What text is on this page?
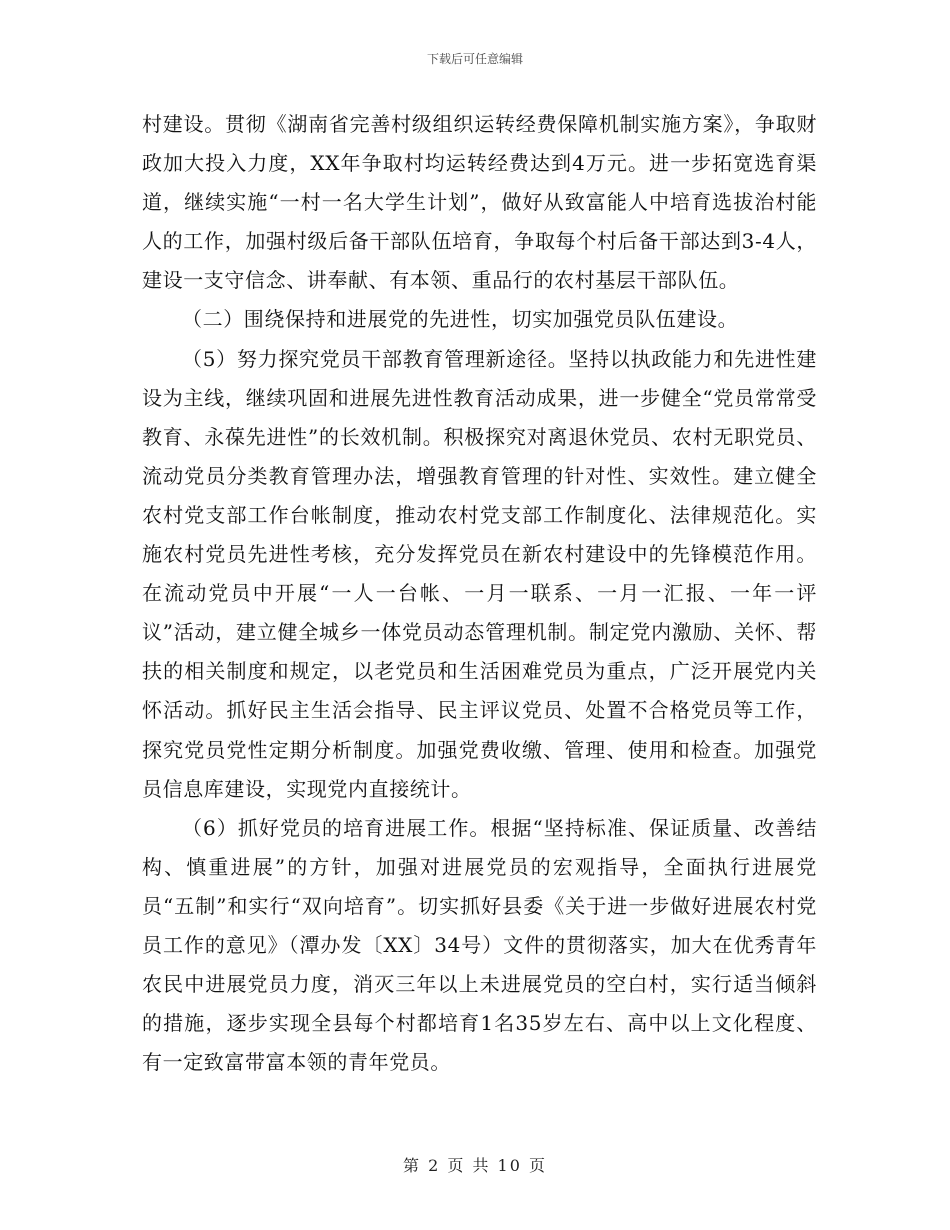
下载后可任意编辑

村建设。贯彻《湖南省完善村级组织运转经费保障机制实施方案》，争取财政加大投入力度，XX年争取村均运转经费达到4万元。进一步拓宽选育渠道，继续实施“一村一名大学生计划”，做好从致富能人中培育选拔治村能人的工作，加强村级后备干部队伍培育，争取每个村后备干部达到3-4人，建设一支守信念、讲奉献、有本领、重品行的农村基层干部队伍。

（二）围绕保持和进展党的先进性，切实加强党员队伍建设。

（5）努力探究党员干部教育管理新途径。坚持以执政能力和先进性建设为主线，继续巩固和进展先进性教育活动成果，进一步健全“党员常常受教育、永葆先进性”的长效机制。积极探究对离退休党员、农村无职党员、流动党员分类教育管理办法，增强教育管理的针对性、实效性。建立健全农村党支部工作台帐制度，推动农村党支部工作制度化、法律规范化。实施农村党员先进性考核，充分发挥党员在新农村建设中的先锋模范作用。在流动党员中开展“一人一台帐、一月一联系、一月一汇报、一年一评议”活动，建立健全城乡一体党员动态管理机制。制定党内激励、关怀、帮扶的相关制度和规定，以老党员和生活困难党员为重点，广泛开展党内关怀活动。抓好民主生活会指导、民主评议党员、处置不合格党员等工作，探究党员党性定期分析制度。加强党费收缴、管理、使用和检查。加强党员信息库建设，实现党内直接统计。

（6）抓好党员的培育进展工作。根据“坚持标准、保证质量、改善结构、慎重进展”的方针，加强对进展党员的宏观指导，全面执行进展党员“五制”和实行“双向培育”。切实抓好县委《关于进一步做好进展农村党员工作的意见》（潭办发〔XX〕34号）文件的贯彻落实，加大在优秀青年农民中进展党员力度，消灭三年以上未进展党员的空白村，实行适当倾斜的措施，逐步实现全县每个村都培育1名35岁左右、高中以上文化程度、有一定致富带富本领的青年党员。

第 2 页 共 10 页
